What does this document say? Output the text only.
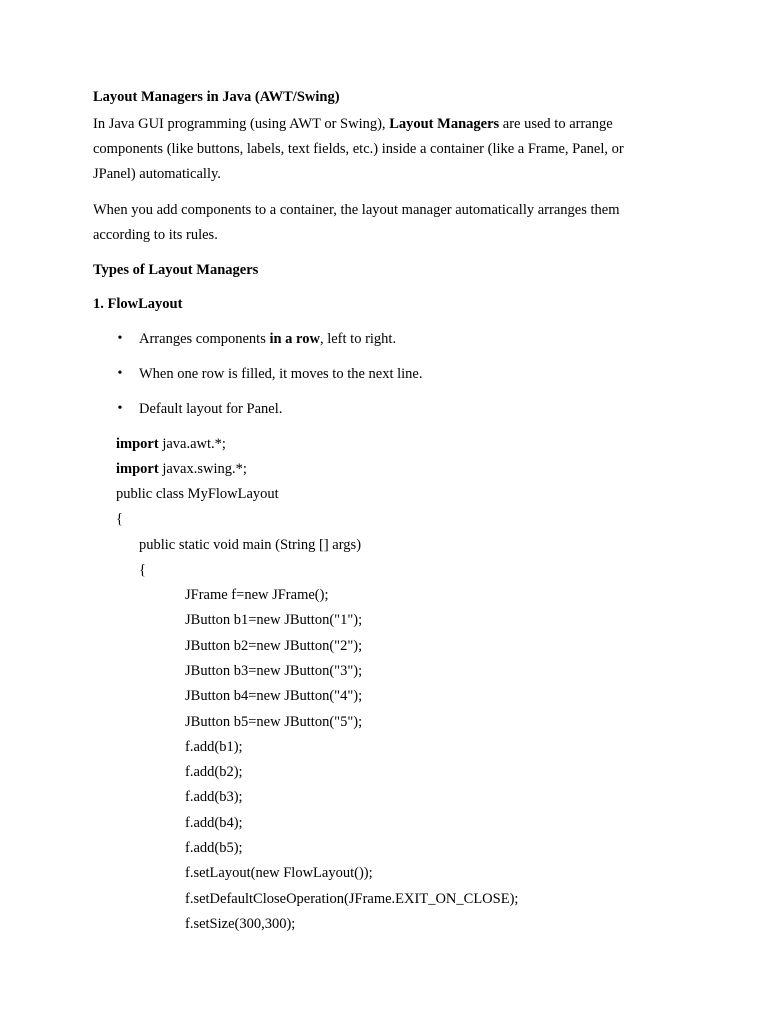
Layout Managers in Java (AWT/Swing)
In Java GUI programming (using AWT or Swing), Layout Managers are used to arrange
components (like buttons, labels, text fields, etc.) inside a container (like a Frame, Panel, or
JPanel) automatically.
When you add components to a container, the layout manager automatically arranges them
according to its rules.
Types of Layout Managers
1. FlowLayout
• Arranges components in a row, left to right.
• When one row is filled, it moves to the next line.
• Default layout for Panel.
import java.awt.*;
import javax.swing.*;
public class MyFlowLayout
{
public static void main (String [] args)
{
JFrame f=new JFrame();
JButton b1=new JButton("1");
JButton b2=new JButton("2");
JButton b3=new JButton("3");
JButton b4=new JButton("4");
JButton b5=new JButton("5");
f.add(b1);
f.add(b2);
f.add(b3);
f.add(b4);
f.add(b5);
f.setLayout(new FlowLayout());
f.setDefaultCloseOperation(JFrame.EXIT_ON_CLOSE);
f.setSize(300,300);
